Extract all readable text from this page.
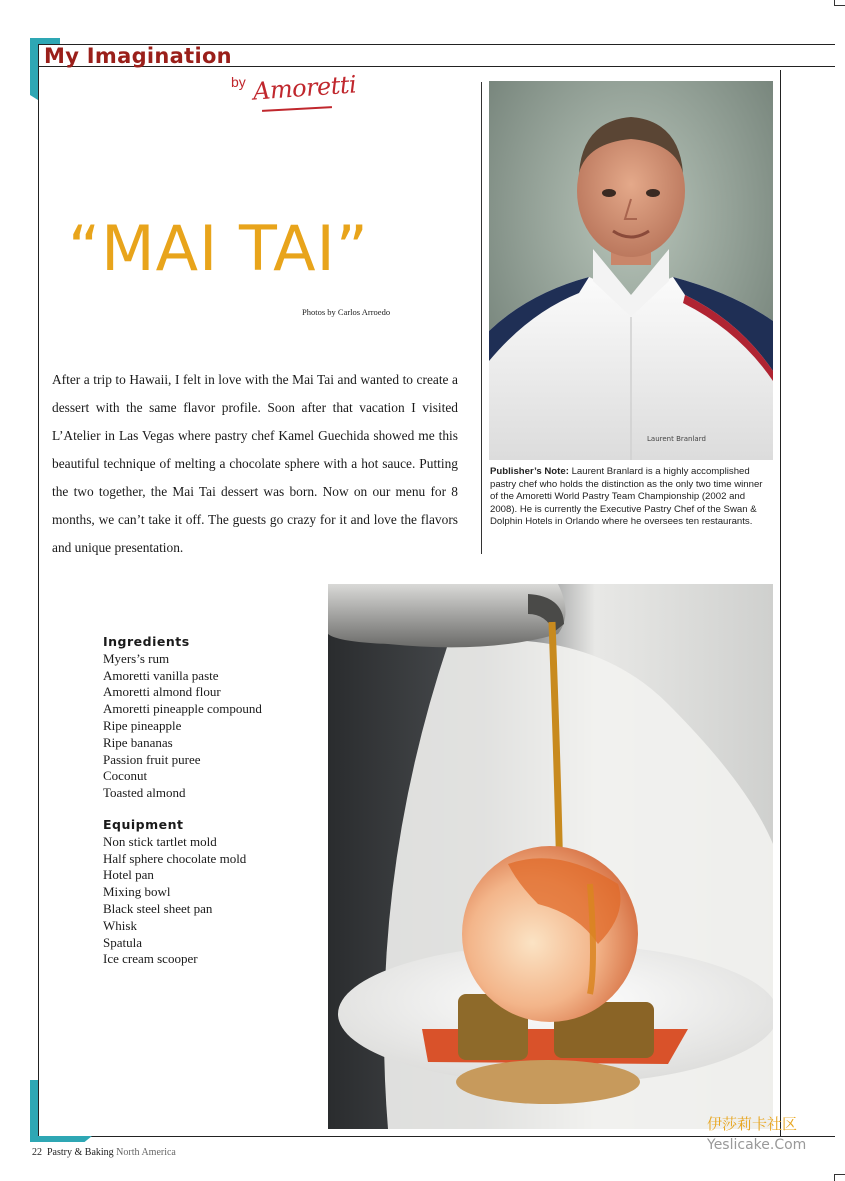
My Imagination
by Amoretti
“MAI TAI”
Photos by Carlos Arroedo

After a trip to Hawaii, I felt in love with the Mai Tai and wanted to create a dessert with the same flavor profile. Soon after that vacation I visited L’Atelier in Las Vegas where pastry chef Kamel Guechida showed me this beautiful technique of melting a chocolate sphere with a hot sauce. Putting the two together, the Mai Tai dessert was born. Now on our menu for 8 months, we can’t take it off. The guests go crazy for it and love the flavors and unique presentation.

Laurent Branlard
Publisher’s Note: Laurent Branlard is a highly accomplished pastry chef who holds the distinction as the only two time winner of the Amoretti World Pastry Team Championship (2002 and 2008). He is currently the Executive Pastry Chef of the Swan & Dolphin Hotels in Orlando where he oversees ten restaurants.
Ingredients
Myers’s rum
Amoretti vanilla paste
Amoretti almond flour
Amoretti pineapple compound
Ripe pineapple
Ripe bananas
Passion fruit puree
Coconut
Toasted almond
Equipment
Non stick tartlet mold
Half sphere chocolate mold
Hotel pan
Mixing bowl
Black steel sheet pan
Whisk
Spatula
Ice cream scooper
22 Pastry & Baking North America
伊莎莉卡社区
Yeslicake.Com
